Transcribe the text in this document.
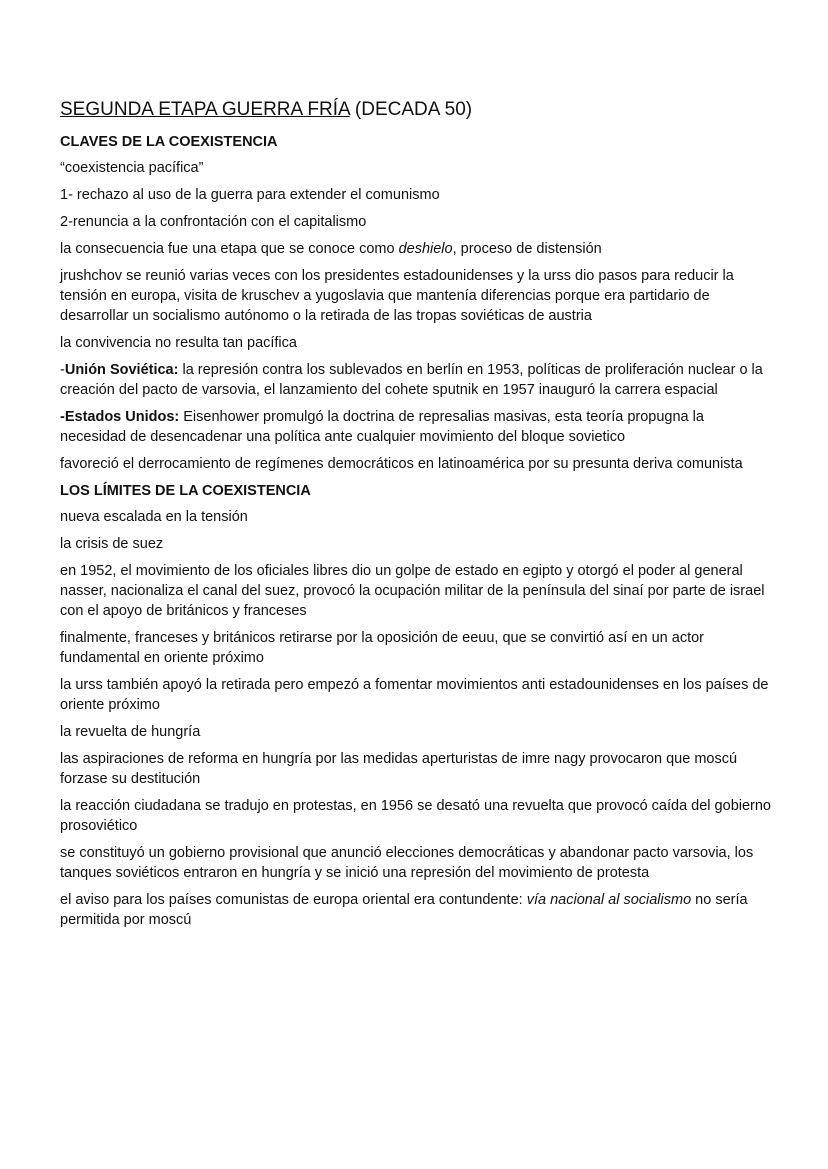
SEGUNDA ETAPA GUERRA FRÍA (DECADA 50)
CLAVES DE LA COEXISTENCIA

“coexistencia pacífica”

1- rechazo al uso de la guerra para extender el comunismo

2-renuncia a la confrontación con el capitalismo

la consecuencia fue una etapa que se conoce como deshielo, proceso de distensión

jrushchov se reunió varias veces con los presidentes estadounidenses y la urss dio pasos para reducir la tensión en europa, visita de kruschev a yugoslavia que mantenía diferencias porque era partidario de desarrollar un socialismo autónomo o la retirada de las tropas soviéticas de austria

la convivencia no resulta tan pacífica

-Unión Soviética: la represión contra los sublevados en berlín en 1953, políticas de proliferación nuclear o la creación del pacto de varsovia, el lanzamiento del cohete sputnik en 1957 inauguró la carrera espacial

-Estados Unidos: Eisenhower promulgó la doctrina de represalias masivas, esta teoría propugna la necesidad de desencadenar una política ante cualquier movimiento del bloque sovietico

favoreció el derrocamiento de regímenes democráticos en latinoamérica por su presunta deriva comunista

LOS LÍMITES DE LA COEXISTENCIA

nueva escalada en la tensión

la crisis de suez

en 1952, el movimiento de los oficiales libres dio un golpe de estado en egipto y otorgó el poder al general nasser, nacionaliza el canal del suez, provocó la ocupación militar de la península del sinaí por parte de israel con el apoyo de británicos y franceses

finalmente, franceses y británicos retirarse por la oposición de eeuu, que se convirtió así en un actor fundamental en oriente próximo

la urss también apoyó la retirada pero empezó a fomentar movimientos anti estadounidenses en los países de oriente próximo

la revuelta de hungría

las aspiraciones de reforma en hungría por las medidas aperturistas de imre nagy provocaron que moscú forzase su destitución

la reacción ciudadana se tradujo en protestas, en 1956 se desató una revuelta que provocó caída del gobierno prosoviético

se constituyó un gobierno provisional que anunció elecciones democráticas y abandonar pacto varsovia, los tanques soviéticos entraron en hungría y se inició una represión del movimiento de protesta

el aviso para los países comunistas de europa oriental era contundente: vía nacional al socialismo no sería permitida por moscú
